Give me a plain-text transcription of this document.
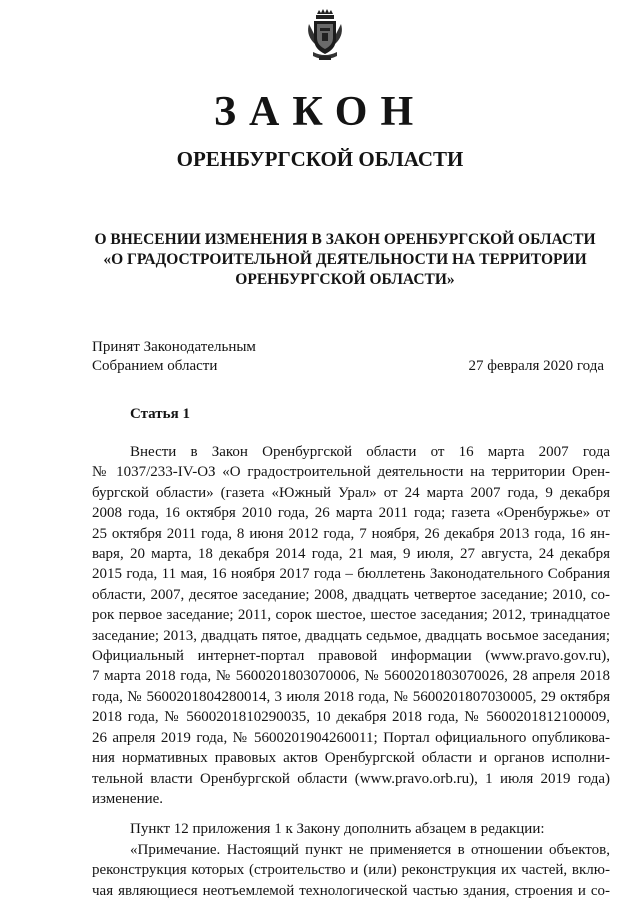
ЗАКОН
ОРЕНБУРГСКОЙ ОБЛАСТИ
О ВНЕСЕНИИ ИЗМЕНЕНИЯ В ЗАКОН ОРЕНБУРГСКОЙ ОБЛАСТИ
«О ГРАДОСТРОИТЕЛЬНОЙ ДЕЯТЕЛЬНОСТИ НА ТЕРРИТОРИИ
ОРЕНБУРГСКОЙ ОБЛАСТИ»
Принят Законодательным
Собранием области	27 февраля 2020 года
Статья 1
Внести в Закон Оренбургской области от 16 марта 2007 года
№ 1037/233-IV-ОЗ «О градостроительной деятельности на территории Орен-
бургской области» (газета «Южный Урал» от 24 марта 2007 года, 9 декабря
2008 года, 16 октября 2010 года, 26 марта 2011 года; газета «Оренбуржье» от
25 октября 2011 года, 8 июня 2012 года, 7 ноября, 26 декабря 2013 года, 16 ян-
варя, 20 марта, 18 декабря 2014 года, 21 мая, 9 июля, 27 августа, 24 декабря
2015 года, 11 мая, 16 ноября 2017 года – бюллетень Законодательного Собрания
области, 2007, десятое заседание; 2008, двадцать четвертое заседание; 2010, со-
рок первое заседание; 2011, сорок шестое, шестое заседания; 2012, тринадцатое
заседание; 2013, двадцать пятое, двадцать седьмое, двадцать восьмое заседания;
Официальный интернет-портал правовой информации (www.pravo.gov.ru),
7 марта 2018 года, № 5600201803070006, № 5600201803070026, 28 апреля 2018
года, № 5600201804280014, 3 июля 2018 года, № 5600201807030005, 29 октября
2018 года, № 5600201810290035, 10 декабря 2018 года, № 5600201812100009,
26 апреля 2019 года, № 5600201904260011; Портал официального опубликова-
ния нормативных правовых актов Оренбургской области и органов исполни-
тельной власти Оренбургской области (www.pravo.orb.ru), 1 июля 2019 года)
изменение.
Пункт 12 приложения 1 к Закону дополнить абзацем в редакции:
«Примечание. Настоящий пункт не применяется в отношении объектов,
реконструкция которых (строительство и (или) реконструкция их частей, вклю-
чая являющиеся неотъемлемой технологической частью здания, строения и со-
